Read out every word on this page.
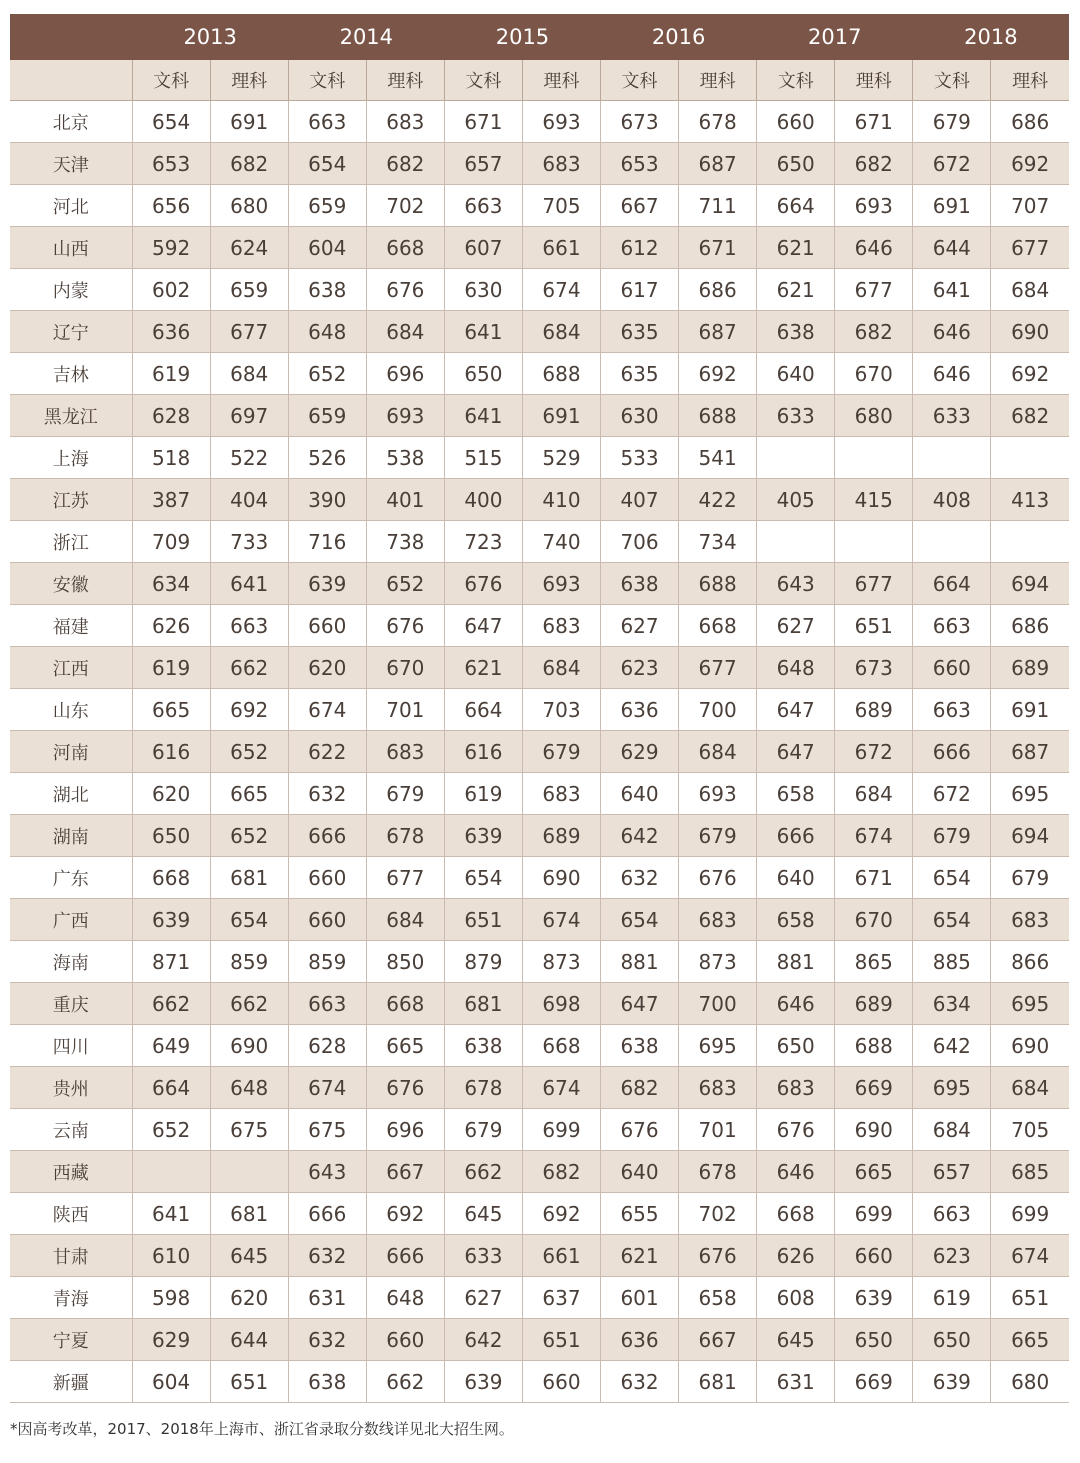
	2013		2014		2015		2016		2017		2018	
	文科	理科	文科	理科	文科	理科	文科	理科	文科	理科	文科	理科
北京	654	691	663	683	671	693	673	678	660	671	679	686
天津	653	682	654	682	657	683	653	687	650	682	672	692
河北	656	680	659	702	663	705	667	711	664	693	691	707
山西	592	624	604	668	607	661	612	671	621	646	644	677
内蒙	602	659	638	676	630	674	617	686	621	677	641	684
辽宁	636	677	648	684	641	684	635	687	638	682	646	690
吉林	619	684	652	696	650	688	635	692	640	670	646	692
黑龙江	628	697	659	693	641	691	630	688	633	680	633	682
上海	518	522	526	538	515	529	533	541				
江苏	387	404	390	401	400	410	407	422	405	415	408	413
浙江	709	733	716	738	723	740	706	734				
安徽	634	641	639	652	676	693	638	688	643	677	664	694
福建	626	663	660	676	647	683	627	668	627	651	663	686
江西	619	662	620	670	621	684	623	677	648	673	660	689
山东	665	692	674	701	664	703	636	700	647	689	663	691
河南	616	652	622	683	616	679	629	684	647	672	666	687
湖北	620	665	632	679	619	683	640	693	658	684	672	695
湖南	650	652	666	678	639	689	642	679	666	674	679	694
广东	668	681	660	677	654	690	632	676	640	671	654	679
广西	639	654	660	684	651	674	654	683	658	670	654	683
海南	871	859	859	850	879	873	881	873	881	865	885	866
重庆	662	662	663	668	681	698	647	700	646	689	634	695
四川	649	690	628	665	638	668	638	695	650	688	642	690
贵州	664	648	674	676	678	674	682	683	683	669	695	684
云南	652	675	675	696	679	699	676	701	676	690	684	705
西藏			643	667	662	682	640	678	646	665	657	685
陕西	641	681	666	692	645	692	655	702	668	699	663	699
甘肃	610	645	632	666	633	661	621	676	626	660	623	674
青海	598	620	631	648	627	637	601	658	608	639	619	651
宁夏	629	644	632	660	642	651	636	667	645	650	650	665
新疆	604	651	638	662	639	660	632	681	631	669	639	680
*因高考改革，2017、2018年上海市、浙江省录取分数线详见北大招生网。
